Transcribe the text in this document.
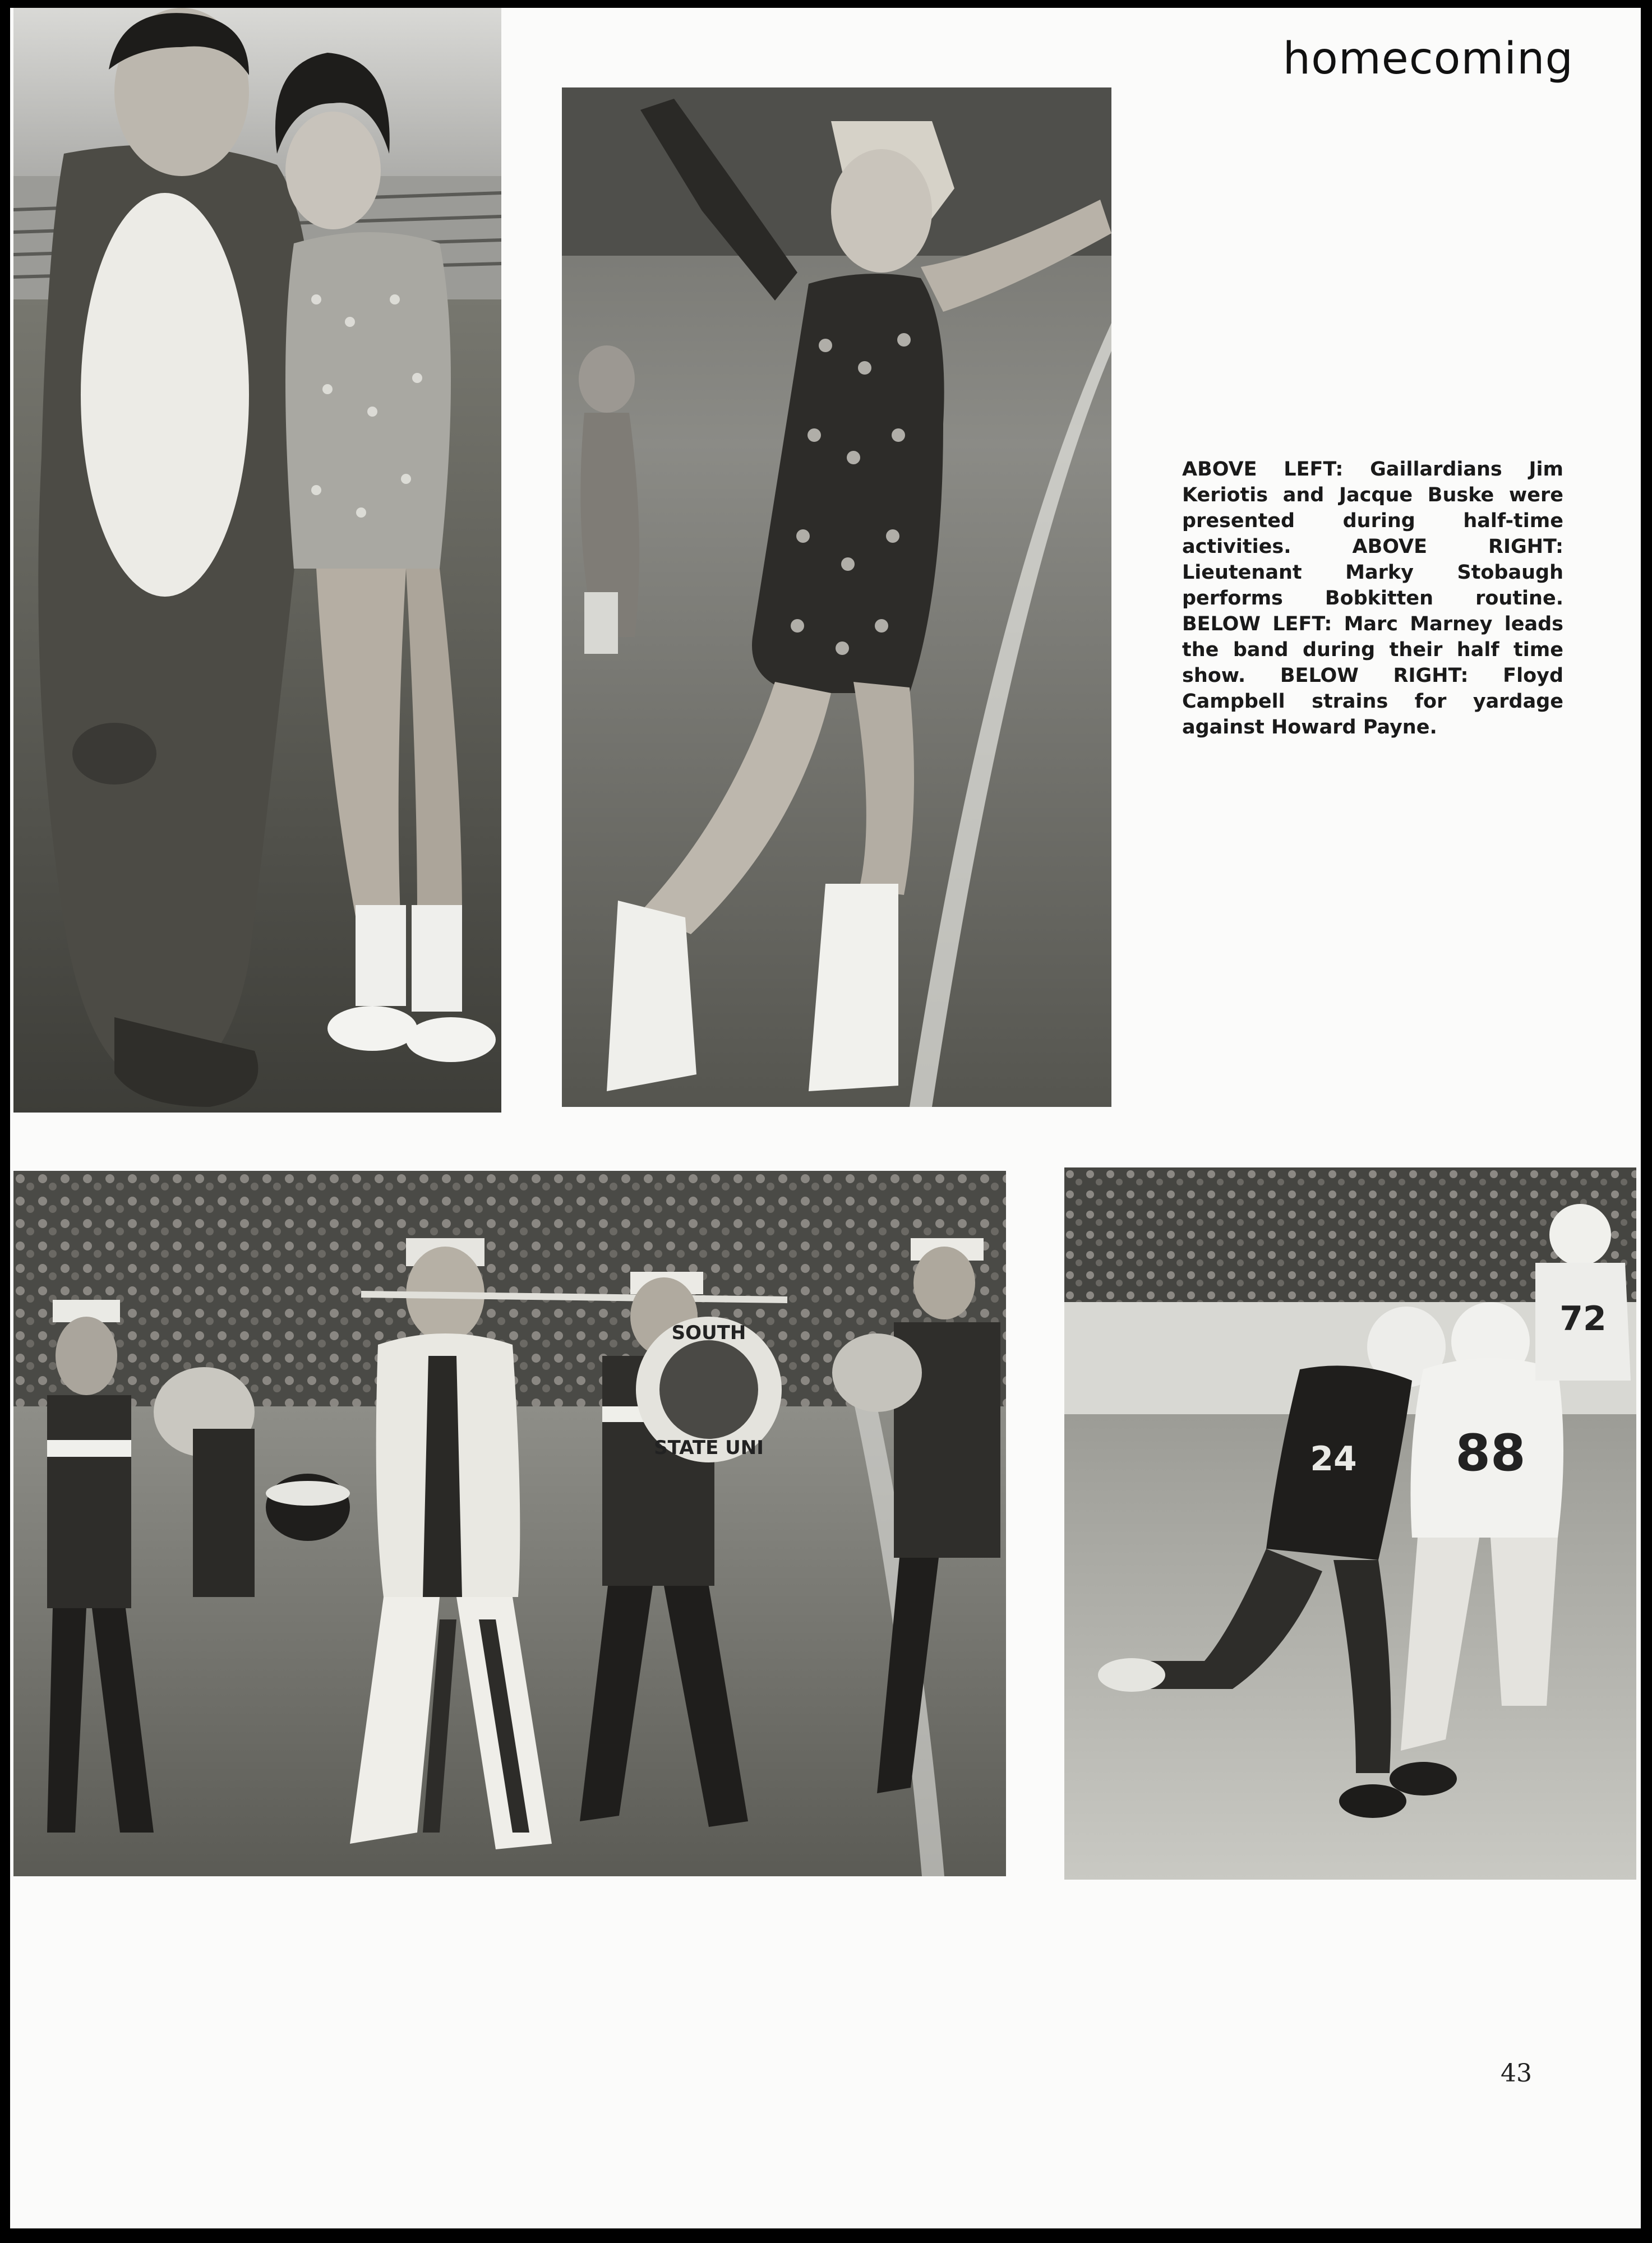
homecoming
SOUTH
STATE UNI	24 88
72

ABOVE LEFT: Gaillardians Jim Keriotis and Jacque Buske were presented during half-time activities. ABOVE RIGHT: Lieutenant Marky Stobaugh performs Bobkitten routine. BELOW LEFT: Marc Marney leads the band during their half time show. BELOW RIGHT: Floyd Campbell strains for yardage against Howard Payne.

43
